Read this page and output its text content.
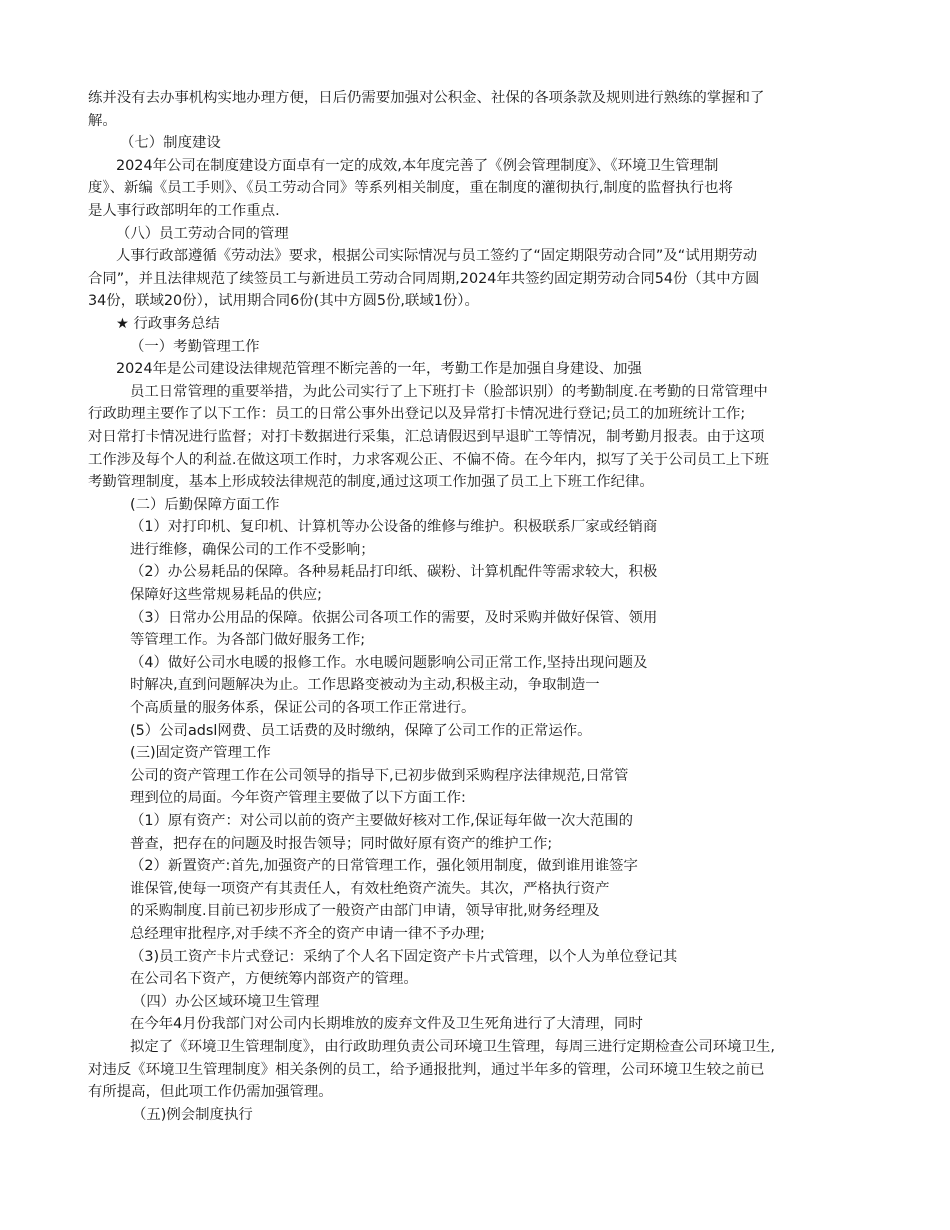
练并没有去办事机构实地办理方便，日后仍需要加强对公积金、社保的各项条款及规则进行熟练的掌握和了
解。
（七）制度建设
2024年公司在制度建设方面卓有一定的成效,本年度完善了《例会管理制度》、《环境卫生管理制
度》、新编《员工手则》、《员工劳动合同》等系列相关制度，重在制度的灌彻执行,制度的监督执行也将
是人事行政部明年的工作重点.
（八）员工劳动合同的管理
人事行政部遵循《劳动法》要求，根据公司实际情况与员工签约了“固定期限劳动合同”及“试用期劳动
合同”，并且法律规范了续签员工与新进员工劳动合同周期,2024年共签约固定期劳动合同54份（其中方圆
34份，联域20份），试用期合同6份(其中方圆5份,联域1份）。
★ 行政事务总结
（一）考勤管理工作
2024年是公司建设法律规范管理不断完善的一年，考勤工作是加强自身建设、加强
员工日常管理的重要举措，为此公司实行了上下班打卡（脸部识别）的考勤制度.在考勤的日常管理中
行政助理主要作了以下工作：员工的日常公事外出登记以及异常打卡情况进行登记;员工的加班统计工作;
对日常打卡情况进行监督；对打卡数据进行采集，汇总请假迟到早退旷工等情况，制考勤月报表。由于这项
工作涉及每个人的利益.在做这项工作时，力求客观公正、不偏不倚。在今年内，拟写了关于公司员工上下班
考勤管理制度，基本上形成较法律规范的制度,通过这项工作加强了员工上下班工作纪律。
(二）后勤保障方面工作
（1）对打印机、复印机、计算机等办公设备的维修与维护。积极联系厂家或经销商
进行维修，确保公司的工作不受影响；
（2）办公易耗品的保障。各种易耗品打印纸、碳粉、计算机配件等需求较大，积极
保障好这些常规易耗品的供应;
（3）日常办公用品的保障。依据公司各项工作的需要，及时采购并做好保管、领用
等管理工作。为各部门做好服务工作;
（4）做好公司水电暖的报修工作。水电暖问题影响公司正常工作,坚持出现问题及
时解决,直到问题解决为止。工作思路变被动为主动,积极主动，争取制造一
个高质量的服务体系，保证公司的各项工作正常进行。
(5）公司adsl网费、员工话费的及时缴纳，保障了公司工作的正常运作。
(三)固定资产管理工作
公司的资产管理工作在公司领导的指导下,已初步做到采购程序法律规范,日常管
理到位的局面。今年资产管理主要做了以下方面工作:
（1）原有资产：对公司以前的资产主要做好核对工作,保证每年做一次大范围的
普查，把存在的问题及时报告领导；同时做好原有资产的维护工作;
（2）新置资产:首先,加强资产的日常管理工作，强化领用制度，做到谁用谁签字
谁保管,使每一项资产有其责任人，有效杜绝资产流失。其次，严格执行资产
的采购制度.目前已初步形成了一般资产由部门申请，领导审批,财务经理及
总经理审批程序,对手续不齐全的资产申请一律不予办理;
（3)员工资产卡片式登记：采纳了个人名下固定资产卡片式管理，以个人为单位登记其
在公司名下资产，方便统筹内部资产的管理。
（四）办公区域环境卫生管理
在今年4月份我部门对公司内长期堆放的废弃文件及卫生死角进行了大清理，同时
拟定了《环境卫生管理制度》，由行政助理负责公司环境卫生管理，每周三进行定期检查公司环境卫生,
对违反《环境卫生管理制度》相关条例的员工，给予通报批判，通过半年多的管理，公司环境卫生较之前已
有所提高，但此项工作仍需加强管理。
（五)例会制度执行
